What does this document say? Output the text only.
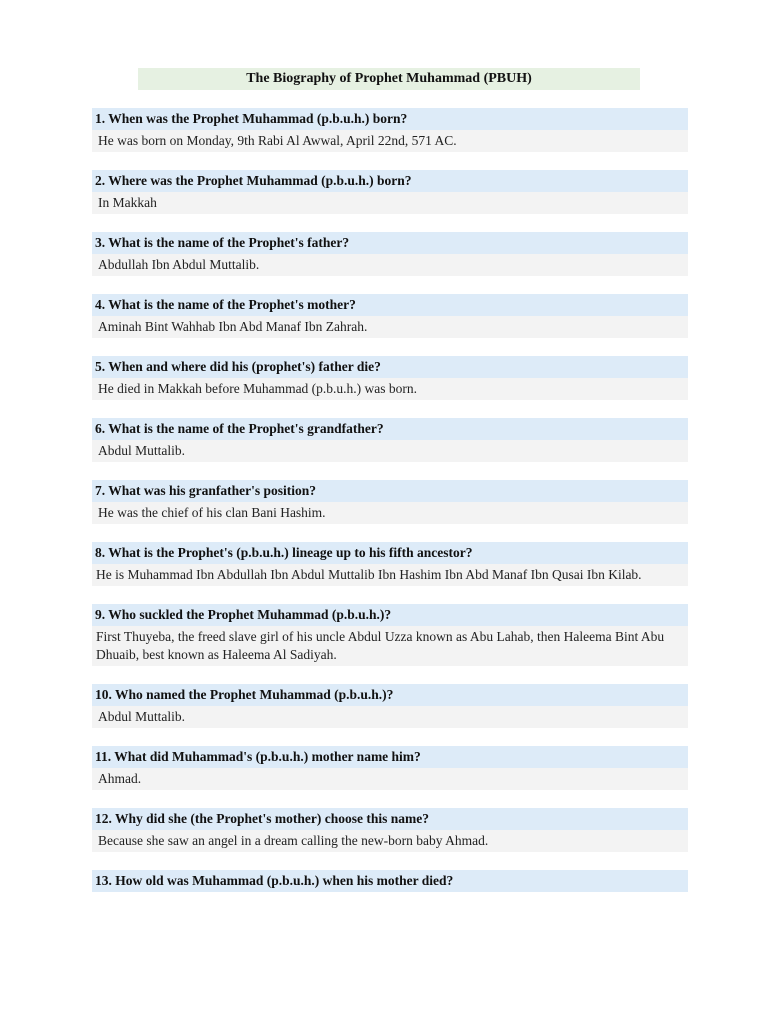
The Biography of Prophet Muhammad (PBUH)
1. When was the Prophet Muhammad (p.b.u.h.) born?
He was born on Monday, 9th Rabi Al Awwal, April 22nd, 571 AC.
2. Where was the Prophet Muhammad (p.b.u.h.) born?
In Makkah
3. What is the name of the Prophet's father?
Abdullah Ibn Abdul Muttalib.
4. What is the name of the Prophet's mother?
Aminah Bint Wahhab Ibn Abd Manaf Ibn Zahrah.
5. When and where did his (prophet's) father die?
He died in Makkah before Muhammad (p.b.u.h.) was born.
6. What is the name of the Prophet's grandfather?
Abdul Muttalib.
7. What was his granfather's position?
He was the chief of his clan Bani Hashim.
8. What is the Prophet's (p.b.u.h.) lineage up to his fifth ancestor?
He is Muhammad Ibn Abdullah Ibn Abdul Muttalib Ibn Hashim Ibn Abd Manaf Ibn Qusai Ibn Kilab.
9. Who suckled the Prophet Muhammad (p.b.u.h.)?
First Thuyeba, the freed slave girl of his uncle Abdul Uzza known as Abu Lahab, then Haleema Bint Abu Dhuaib, best known as Haleema Al Sadiyah.
10. Who named the Prophet Muhammad (p.b.u.h.)?
Abdul Muttalib.
11. What did Muhammad's (p.b.u.h.) mother name him?
Ahmad.
12. Why did she (the Prophet's mother) choose this name?
Because she saw an angel in a dream calling the new-born baby Ahmad.
13. How old was Muhammad (p.b.u.h.) when his mother died?
